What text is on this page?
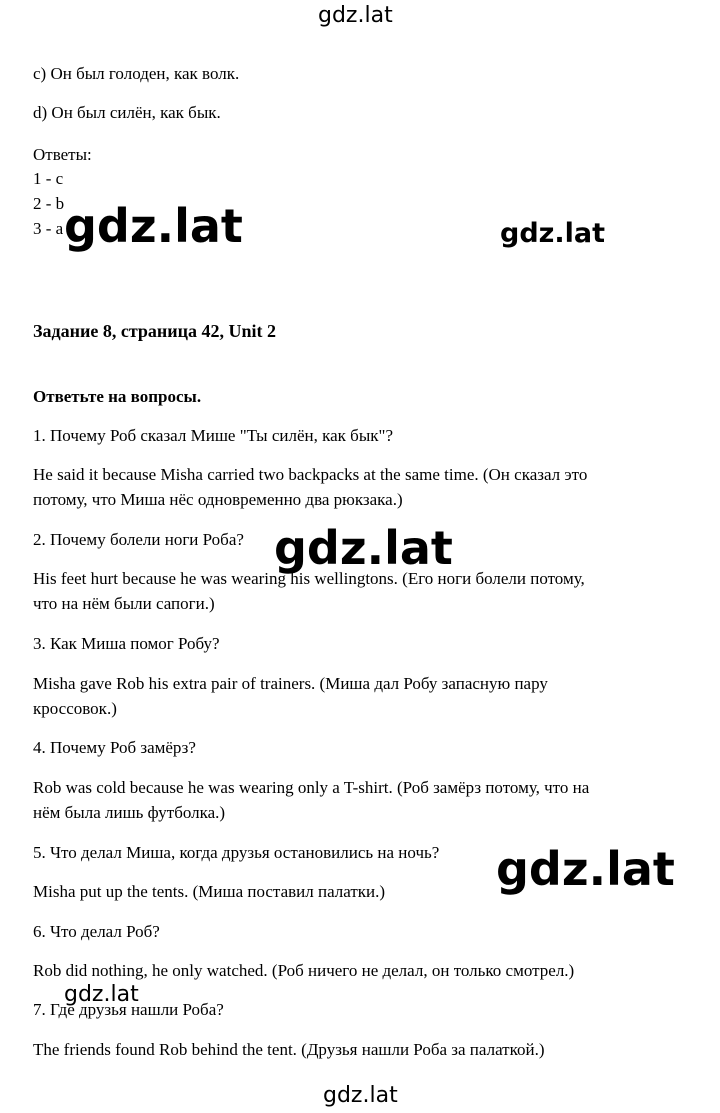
c) Он был голоден, как волк.
d) Он был силён, как бык.
Ответы:
1 - c
2 - b
3 - a
Задание 8, страница 42, Unit 2
Ответьте на вопросы.
1. Почему Роб сказал Мише "Ты силён, как бык"?
He said it because Misha carried two backpacks at the same time. (Он сказал это
потому, что Миша нёс одновременно два рюкзака.)
2. Почему болели ноги Роба?
His feet hurt because he was wearing his wellingtons. (Его ноги болели потому,
что на нём были сапоги.)
3. Как Миша помог Робу?
Misha gave Rob his extra pair of trainers. (Миша дал Робу запасную пару
кроссовок.)
4. Почему Роб замёрз?
Rob was cold because he was wearing only a T-shirt. (Роб замёрз потому, что на
нём была лишь футболка.)
5. Что делал Миша, когда друзья остановились на ночь?
Misha put up the tents. (Миша поставил палатки.)
6. Что делал Роб?
Rob did nothing, he only watched. (Роб ничего не делал, он только смотрел.)
7. Где друзья нашли Роба?
The friends found Rob behind the tent. (Друзья нашли Роба за палаткой.)
gdz.lat
gdz.lat	gdz.lat
gdz.lat
gdz.lat
gdz.lat
gdz.lat
